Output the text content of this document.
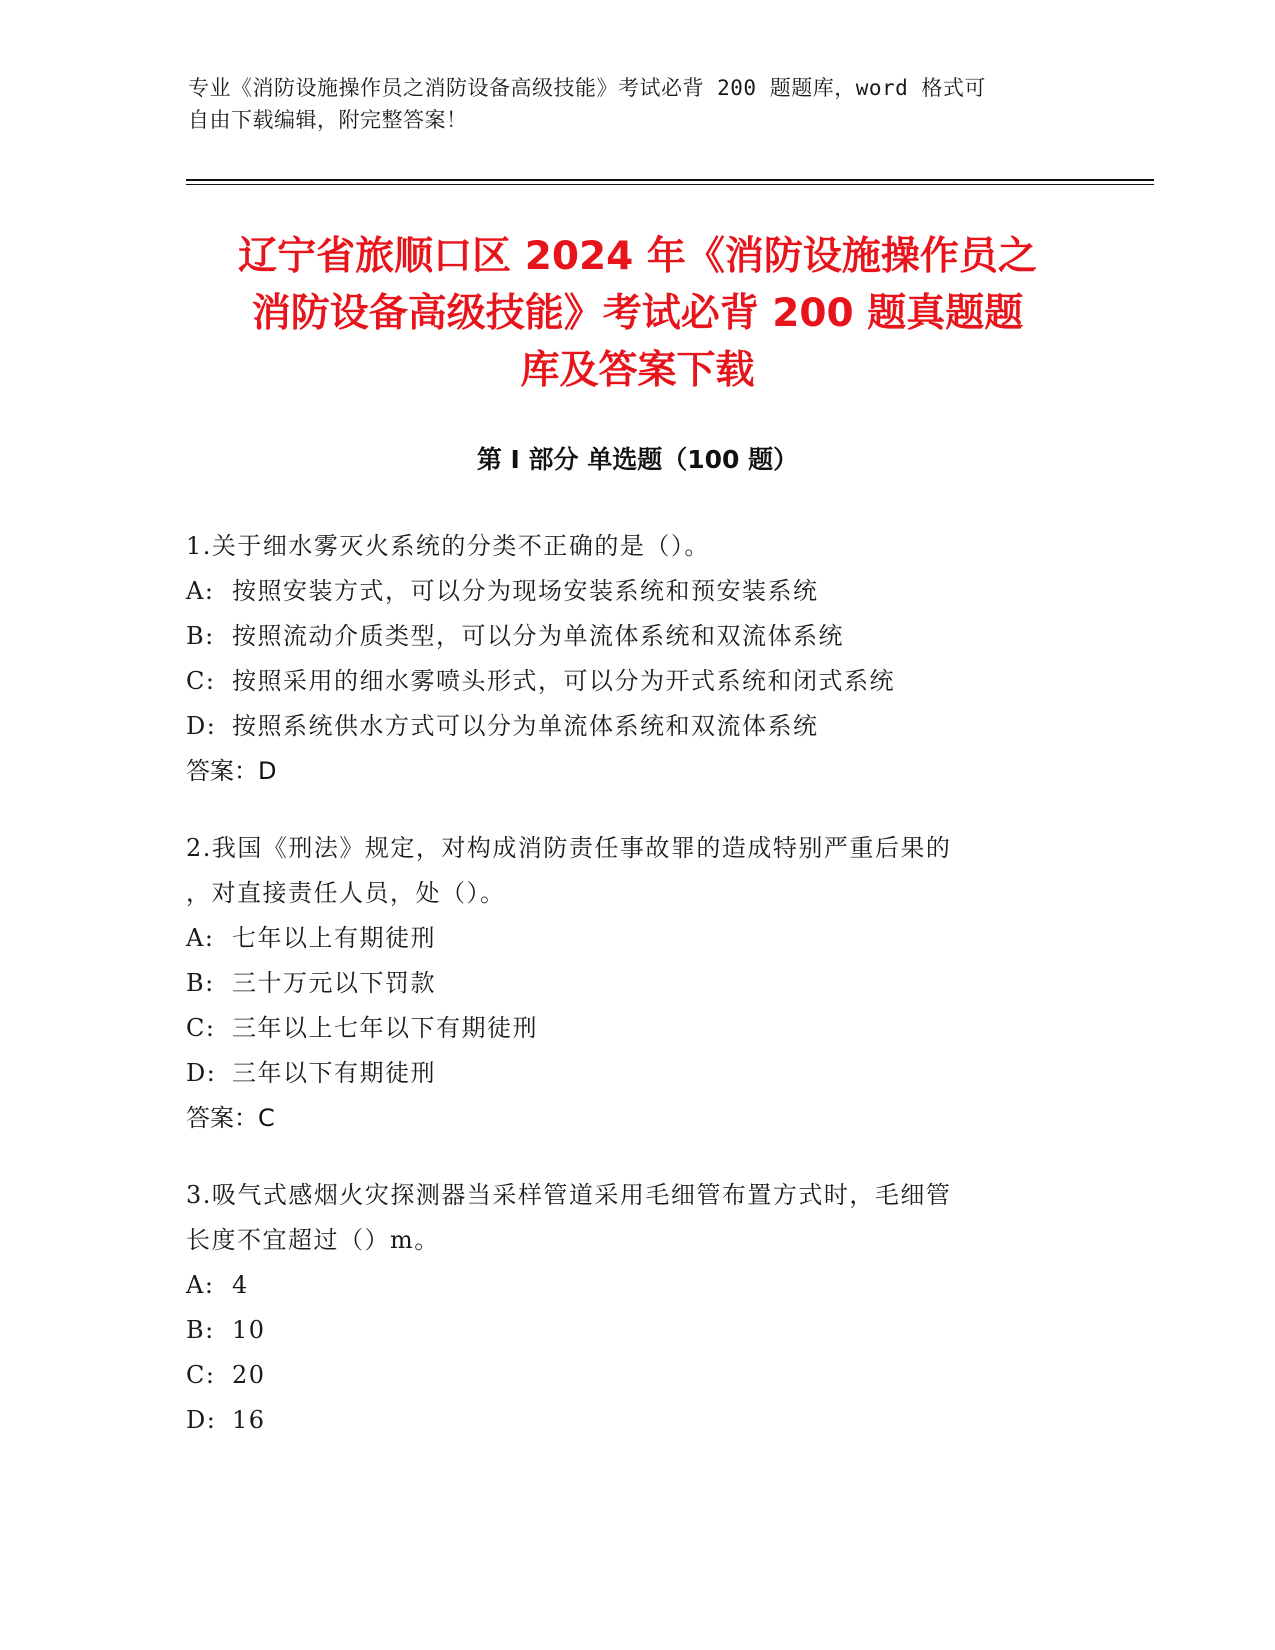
专业《消防设施操作员之消防设备高级技能》考试必背 200 题题库，word 格式可
自由下载编辑，附完整答案！
辽宁省旅顺口区 2024 年《消防设施操作员之
消防设备高级技能》考试必背 200 题真题题
库及答案下载
第 I 部分 单选题（100 题）
1.关于细水雾灭火系统的分类不正确的是（）。
A: 按照安装方式，可以分为现场安装系统和预安装系统
B: 按照流动介质类型，可以分为单流体系统和双流体系统
C: 按照采用的细水雾喷头形式，可以分为开式系统和闭式系统
D: 按照系统供水方式可以分为单流体系统和双流体系统
答案：D
2.我国《刑法》规定，对构成消防责任事故罪的造成特别严重后果的
，对直接责任人员，处（）。
A: 七年以上有期徒刑
B: 三十万元以下罚款
C: 三年以上七年以下有期徒刑
D: 三年以下有期徒刑
答案：C
3.吸气式感烟火灾探测器当采样管道采用毛细管布置方式时，毛细管
长度不宜超过（）m。
A: 4
B: 10
C: 20
D: 16
